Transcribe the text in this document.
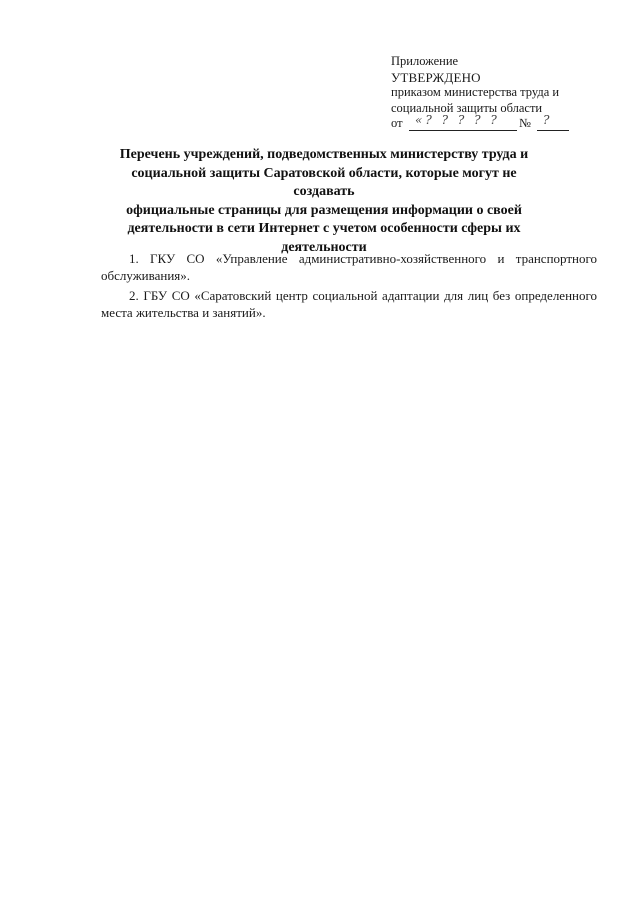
Приложение
УТВЕРЖДЕНО
приказом министерства труда и
социальной защиты области
от «? ? ? ? ? № ?
Перечень учреждений, подведомственных министерству труда и
социальной защиты Саратовской области, которые могут не создавать
официальные страницы для размещения информации о своей
деятельности в сети Интернет с учетом особенности сферы их
деятельности

1. ГКУ СО «Управление административно-хозяйственного и транспортного обслуживания».

2. ГБУ СО «Саратовский центр социальной адаптации для лиц без определенного места жительства и занятий».
